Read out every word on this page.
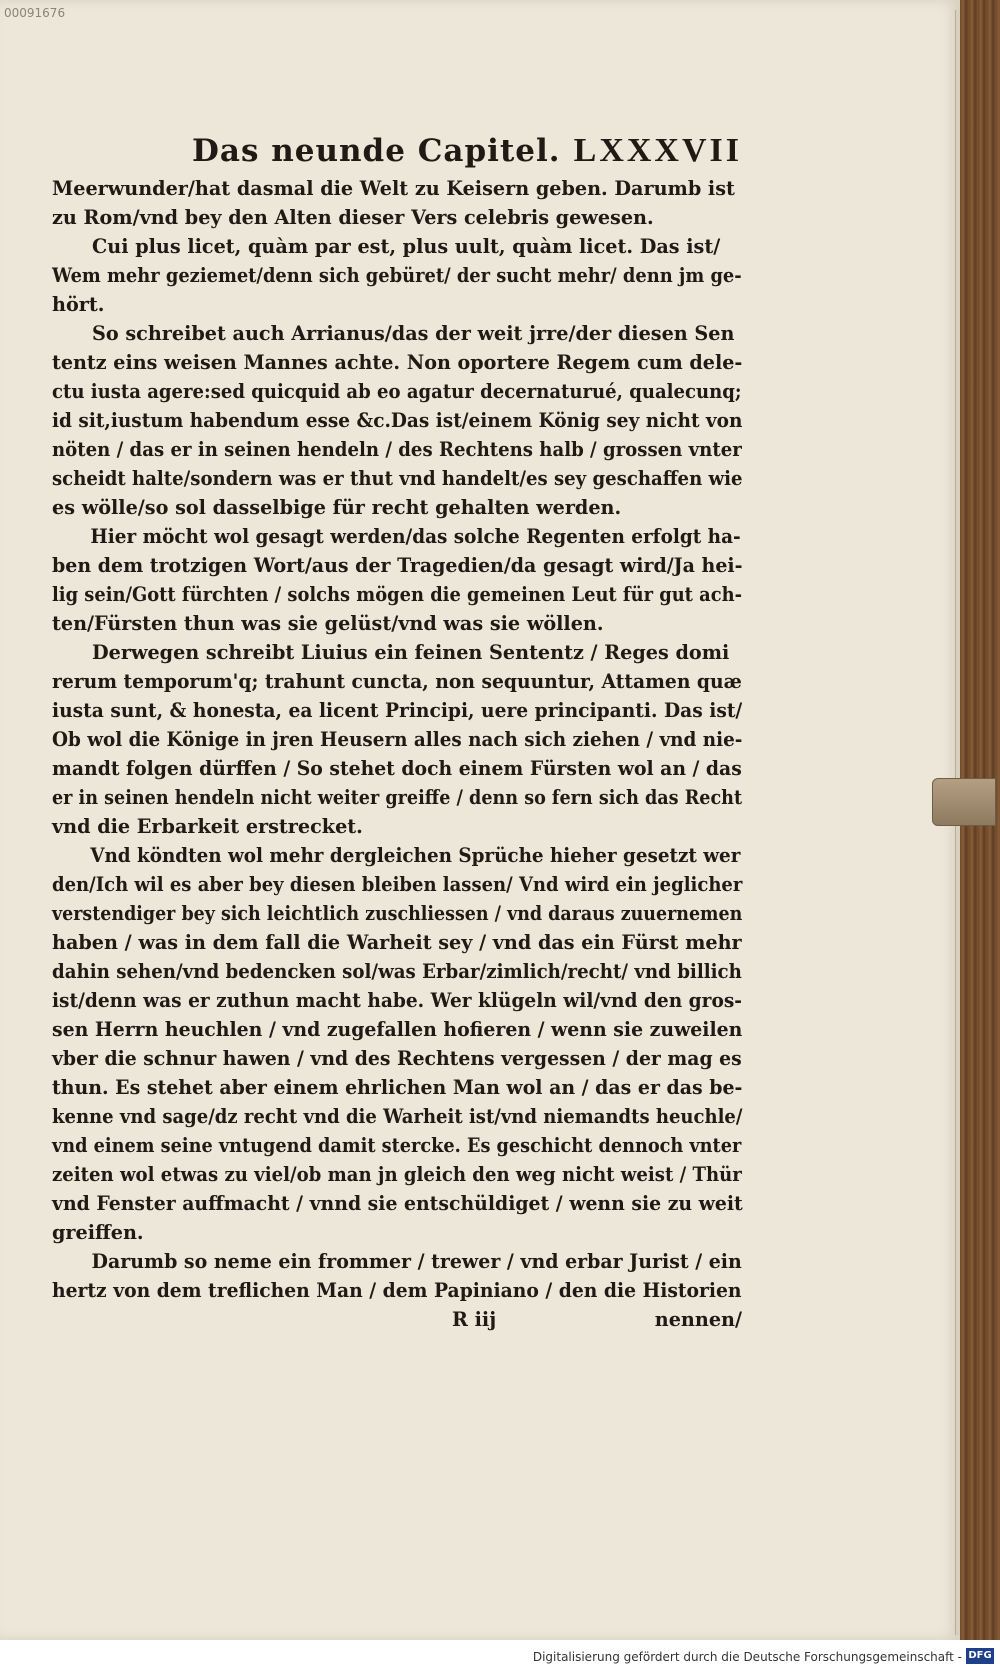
00091676
Das neunde Capitel. LXXXVII
Meerwunder/hat dasmal die Welt zu Keisern geben. Darumb ist
zu Rom/vnd bey den Alten dieser Vers celebris gewesen.
Cui plus licet, quàm par est, plus uult, quàm licet. Das ist/
Wem mehr geziemet/denn sich gebüret/ der sucht mehr/ denn jm ge-
hört.
So schreibet auch Arrianus/das der weit jrre/der diesen Sen
tentz eins weisen Mannes achte. Non oportere Regem cum dele-
ctu iusta agere:sed quicquid ab eo agatur decernaturué, qualecunq;
id sit,iustum habendum esse &c.Das ist/einem König sey nicht von
nöten / das er in seinen hendeln / des Rechtens halb / grossen vnter
scheidt halte/sondern was er thut vnd handelt/es sey geschaffen wie
es wölle/so sol dasselbige für recht gehalten werden.
Hier möcht wol gesagt werden/das solche Regenten erfolgt ha-
ben dem trotzigen Wort/aus der Tragedien/da gesagt wird/Ja hei-
lig sein/Gott fürchten / solchs mögen die gemeinen Leut für gut ach-
ten/Fürsten thun was sie gelüst/vnd was sie wöllen.
Derwegen schreibt Liuius ein feinen Sententz / Reges domi
rerum temporum'q; trahunt cuncta, non sequuntur, Attamen quæ
iusta sunt, & honesta, ea licent Principi, uere principanti. Das ist/
Ob wol die Könige in jren Heusern alles nach sich ziehen / vnd nie-
mandt folgen dürffen / So stehet doch einem Fürsten wol an / das
er in seinen hendeln nicht weiter greiffe / denn so fern sich das Recht
vnd die Erbarkeit erstrecket.
Vnd köndten wol mehr dergleichen Sprüche hieher gesetzt wer
den/Ich wil es aber bey diesen bleiben lassen/ Vnd wird ein jeglicher
verstendiger bey sich leichtlich zuschliessen / vnd daraus zuuernemen
haben / was in dem fall die Warheit sey / vnd das ein Fürst mehr
dahin sehen/vnd bedencken sol/was Erbar/zimlich/recht/ vnd billich
ist/denn was er zuthun macht habe. Wer klügeln wil/vnd den gros-
sen Herrn heuchlen / vnd zugefallen hofieren / wenn sie zuweilen
vber die schnur hawen / vnd des Rechtens vergessen / der mag es
thun. Es stehet aber einem ehrlichen Man wol an / das er das be-
kenne vnd sage/dz recht vnd die Warheit ist/vnd niemandts heuchle/
vnd einem seine vntugend damit stercke. Es geschicht dennoch vnter
zeiten wol etwas zu viel/ob man jn gleich den weg nicht weist / Thür
vnd Fenster auffmacht / vnnd sie entschüldiget / wenn sie zu weit
greiffen.
Darumb so neme ein frommer / trewer / vnd erbar Jurist / ein
hertz von dem treflichen Man / dem Papiniano / den die Historien
R iij	nennen/
Digitalisierung gefördert durch die Deutsche Forschungsgemeinschaft - DFG
